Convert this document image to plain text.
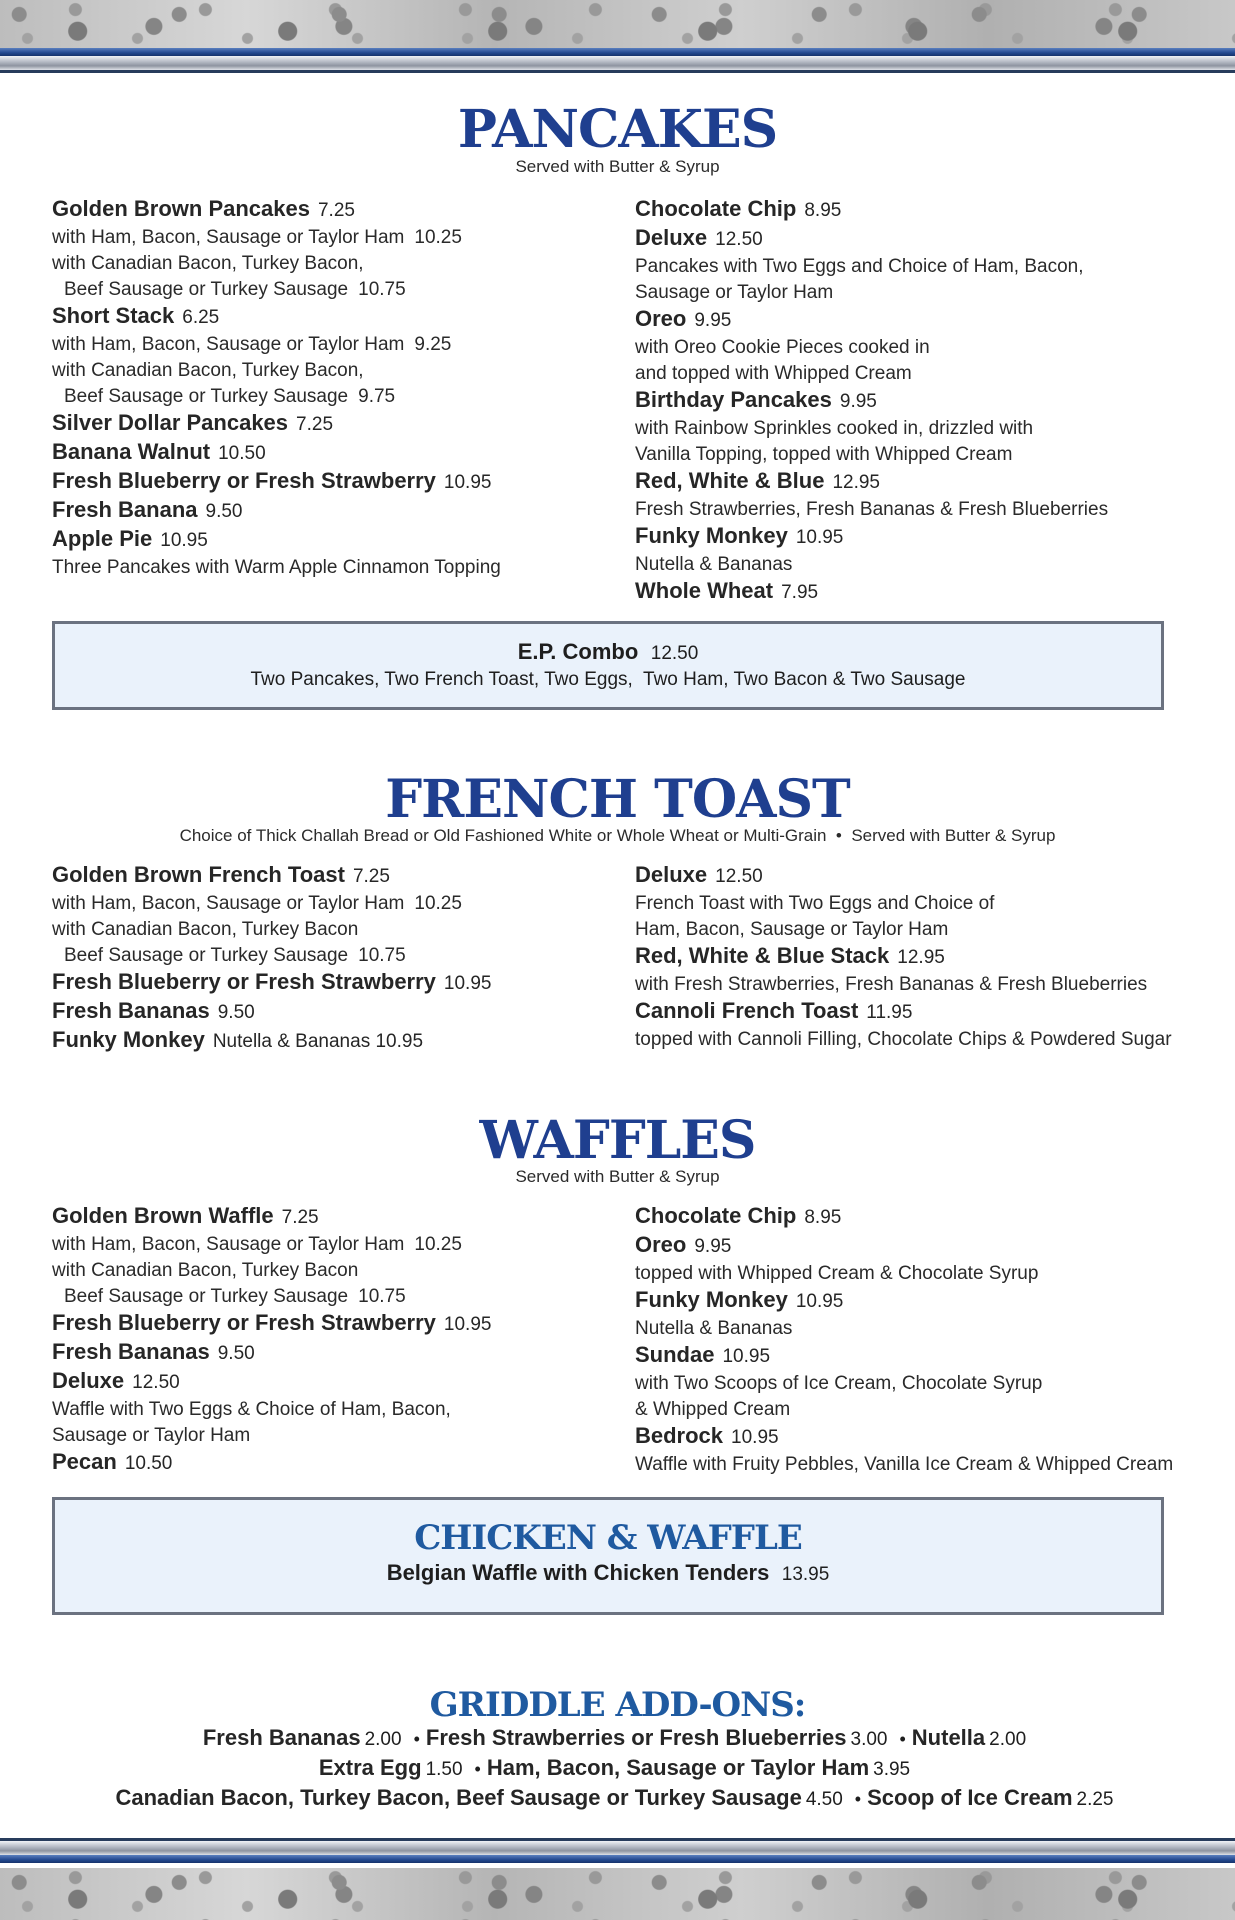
PANCAKES
Served with Butter & Syrup
Golden Brown Pancakes 7.25
with Ham, Bacon, Sausage or Taylor Ham 10.25
with Canadian Bacon, Turkey Bacon,
Beef Sausage or Turkey Sausage 10.75
Short Stack 6.25
with Ham, Bacon, Sausage or Taylor Ham 9.25
with Canadian Bacon, Turkey Bacon,
Beef Sausage or Turkey Sausage 9.75
Silver Dollar Pancakes 7.25
Banana Walnut 10.50
Fresh Blueberry or Fresh Strawberry 10.95
Fresh Banana 9.50
Apple Pie 10.95
Three Pancakes with Warm Apple Cinnamon Topping
Chocolate Chip 8.95
Deluxe 12.50
Pancakes with Two Eggs and Choice of Ham, Bacon,
Sausage or Taylor Ham
Oreo 9.95
with Oreo Cookie Pieces cooked in
and topped with Whipped Cream
Birthday Pancakes 9.95
with Rainbow Sprinkles cooked in, drizzled with
Vanilla Topping, topped with Whipped Cream
Red, White & Blue 12.95
Fresh Strawberries, Fresh Bananas & Fresh Blueberries
Funky Monkey 10.95
Nutella & Bananas
Whole Wheat 7.95
E.P. Combo 12.50
Two Pancakes, Two French Toast, Two Eggs,  Two Ham, Two Bacon & Two Sausage
FRENCH TOAST
Choice of Thick Challah Bread or Old Fashioned White or Whole Wheat or Multi-Grain  •  Served with Butter & Syrup
Golden Brown French Toast 7.25
with Ham, Bacon, Sausage or Taylor Ham 10.25
with Canadian Bacon, Turkey Bacon
Beef Sausage or Turkey Sausage 10.75
Fresh Blueberry or Fresh Strawberry 10.95
Fresh Bananas 9.50
Funky Monkey Nutella & Bananas 10.95
Deluxe 12.50
French Toast with Two Eggs and Choice of
Ham, Bacon, Sausage or Taylor Ham
Red, White & Blue Stack 12.95
with Fresh Strawberries, Fresh Bananas & Fresh Blueberries
Cannoli French Toast 11.95
topped with Cannoli Filling, Chocolate Chips & Powdered Sugar
WAFFLES
Served with Butter & Syrup
Golden Brown Waffle 7.25
with Ham, Bacon, Sausage or Taylor Ham 10.25
with Canadian Bacon, Turkey Bacon
Beef Sausage or Turkey Sausage 10.75
Fresh Blueberry or Fresh Strawberry 10.95
Fresh Bananas 9.50
Deluxe 12.50
Waffle with Two Eggs & Choice of Ham, Bacon,
Sausage or Taylor Ham
Pecan 10.50
Chocolate Chip 8.95
Oreo 9.95
topped with Whipped Cream & Chocolate Syrup
Funky Monkey 10.95
Nutella & Bananas
Sundae 10.95
with Two Scoops of Ice Cream, Chocolate Syrup
& Whipped Cream
Bedrock 10.95
Waffle with Fruity Pebbles, Vanilla Ice Cream & Whipped Cream
CHICKEN & WAFFLE
Belgian Waffle with Chicken Tenders 13.95
GRIDDLE ADD-ONS:
Fresh Bananas 2.00 • Fresh Strawberries or Fresh Blueberries 3.00 • Nutella 2.00
Extra Egg 1.50 • Ham, Bacon, Sausage or Taylor Ham 3.95
Canadian Bacon, Turkey Bacon, Beef Sausage or Turkey Sausage 4.50 • Scoop of Ice Cream 2.25
